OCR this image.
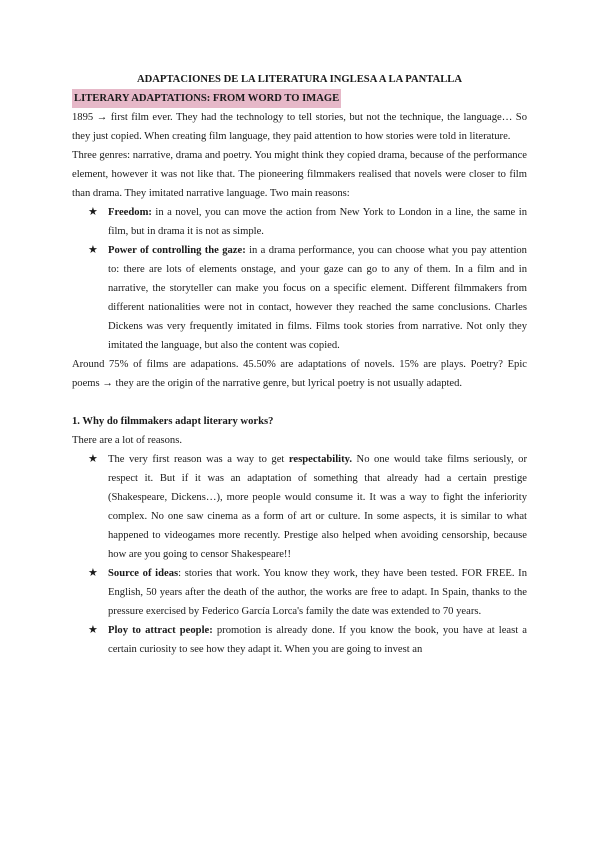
ADAPTACIONES DE LA LITERATURA INGLESA A LA PANTALLA

LITERARY ADAPTATIONS: FROM WORD TO IMAGE

1895 → first film ever. They had the technology to tell stories, but not the technique, the language… So they just copied. When creating film language, they paid attention to how stories were told in literature.

Three genres: narrative, drama and poetry. You might think they copied drama, because of the performance element, however it was not like that. The pioneering filmmakers realised that novels were closer to film than drama. They imitated narrative language. Two main reasons:

★ Freedom: in a novel, you can move the action from New York to London in a line, the same in film, but in drama it is not as simple.
★ Power of controlling the gaze: in a drama performance, you can choose what you pay attention to: there are lots of elements onstage, and your gaze can go to any of them. In a film and in narrative, the storyteller can make you focus on a specific element. Different filmmakers from different nationalities were not in contact, however they reached the same conclusions. Charles Dickens was very frequently imitated in films. Films took stories from narrative. Not only they imitated the language, but also the content was copied.

Around 75% of films are adapations. 45.50% are adaptations of novels. 15% are plays. Poetry? Epic poems → they are the origin of the narrative genre, but lyrical poetry is not usually adapted.

1. Why do filmmakers adapt literary works?

There are a lot of reasons.

★ The very first reason was a way to get respectability. No one would take films seriously, or respect it. But if it was an adaptation of something that already had a certain prestige (Shakespeare, Dickens…), more people would consume it. It was a way to fight the inferiority complex. No one saw cinema as a form of art or culture. In some aspects, it is similar to what happened to videogames more recently. Prestige also helped when avoiding censorship, because how are you going to censor Shakespeare!!
★ Source of ideas: stories that work. You know they work, they have been tested. FOR FREE. In English, 50 years after the death of the author, the works are free to adapt. In Spain, thanks to the pressure exercised by Federico García Lorca's family the date was extended to 70 years.
★ Ploy to attract people: promotion is already done. If you know the book, you have at least a certain curiosity to see how they adapt it. When you are going to invest an
